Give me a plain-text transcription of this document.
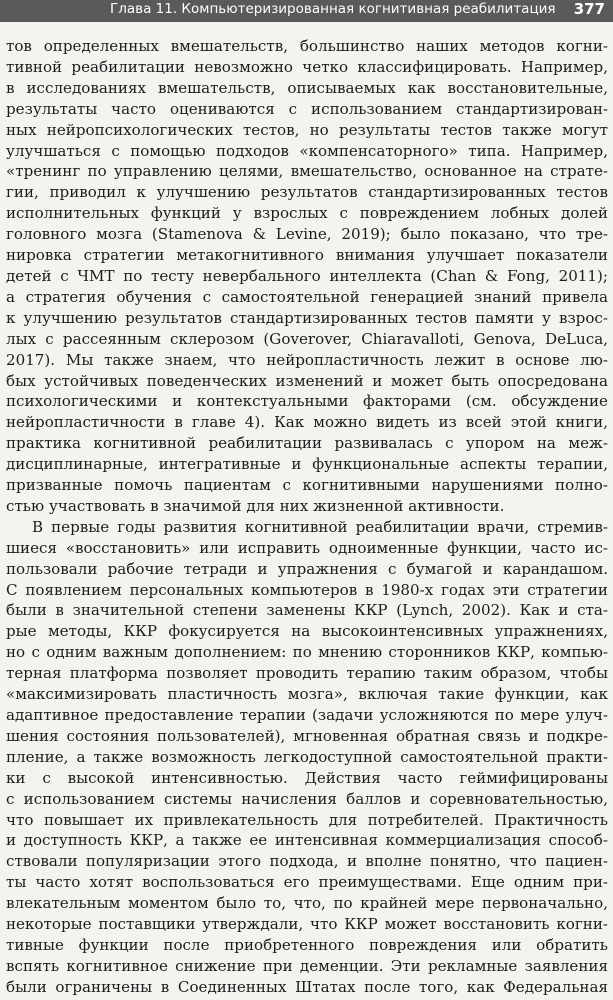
Глава 11. Компьютеризированная когнитивная реабилитация 377
тов определенных вмешательств, большинство наших методов когни-
тивной реабилитации невозможно четко классифицировать. Например,
в исследованиях вмешательств, описываемых как восстановительные,
результаты часто оцениваются с использованием стандартизирован-
ных нейропсихологических тестов, но результаты тестов также могут
улучшаться с помощью подходов «компенсаторного» типа. Например,
«тренинг по управлению целями, вмешательство, основанное на страте-
гии, приводил к улучшению результатов стандартизированных тестов
исполнительных функций у взрослых с повреждением лобных долей
головного мозга (Stamenova & Levine, 2019); было показано, что тре-
нировка стратегии метакогнитивного внимания улучшает показатели
детей с ЧМТ по тесту невербального интеллекта (Chan & Fong, 2011);
а стратегия обучения с самостоятельной генерацией знаний привела
к улучшению результатов стандартизированных тестов памяти у взрос-
лых с рассеянным склерозом (Goverover, Chiaravalloti, Genova, DeLuca,
2017). Мы также знаем, что нейропластичность лежит в основе лю-
бых устойчивых поведенческих изменений и может быть опосредована
психологическими и контекстуальными факторами (см. обсуждение
нейропластичности в главе 4). Как можно видеть из всей этой книги,
практика когнитивной реабилитации развивалась с упором на меж-
дисциплинарные, интегративные и функциональные аспекты терапии,
призванные помочь пациентам с когнитивными нарушениями полно-
стью участвовать в значимой для них жизненной активности.
В первые годы развития когнитивной реабилитации врачи, стремив-
шиеся «восстановить» или исправить одноименные функции, часто ис-
пользовали рабочие тетради и упражнения с бумагой и карандашом.
С появлением персональных компьютеров в 1980-х годах эти стратегии
были в значительной степени заменены ККР (Lynch, 2002). Как и ста-
рые методы, ККР фокусируется на высокоинтенсивных упражнениях,
но с одним важным дополнением: по мнению сторонников ККР, компью-
терная платформа позволяет проводить терапию таким образом, чтобы
«максимизировать пластичность мозга», включая такие функции, как
адаптивное предоставление терапии (задачи усложняются по мере улуч-
шения состояния пользователей), мгновенная обратная связь и подкре-
пление, а также возможность легкодоступной самостоятельной практи-
ки с высокой интенсивностью. Действия часто геймифицированы
с использованием системы начисления баллов и соревновательностью,
что повышает их привлекательность для потребителей. Практичность
и доступность ККР, а также ее интенсивная коммерциализация способ-
ствовали популяризации этого подхода, и вполне понятно, что пациен-
ты часто хотят воспользоваться его преимуществами. Еще одним при-
влекательным моментом было то, что, по крайней мере первоначально,
некоторые поставщики утверждали, что ККР может восстановить когни-
тивные функции после приобретенного повреждения или обратить
вспять когнитивное снижение при деменции. Эти рекламные заявления
были ограничены в Соединенных Штатах после того, как Федеральная
